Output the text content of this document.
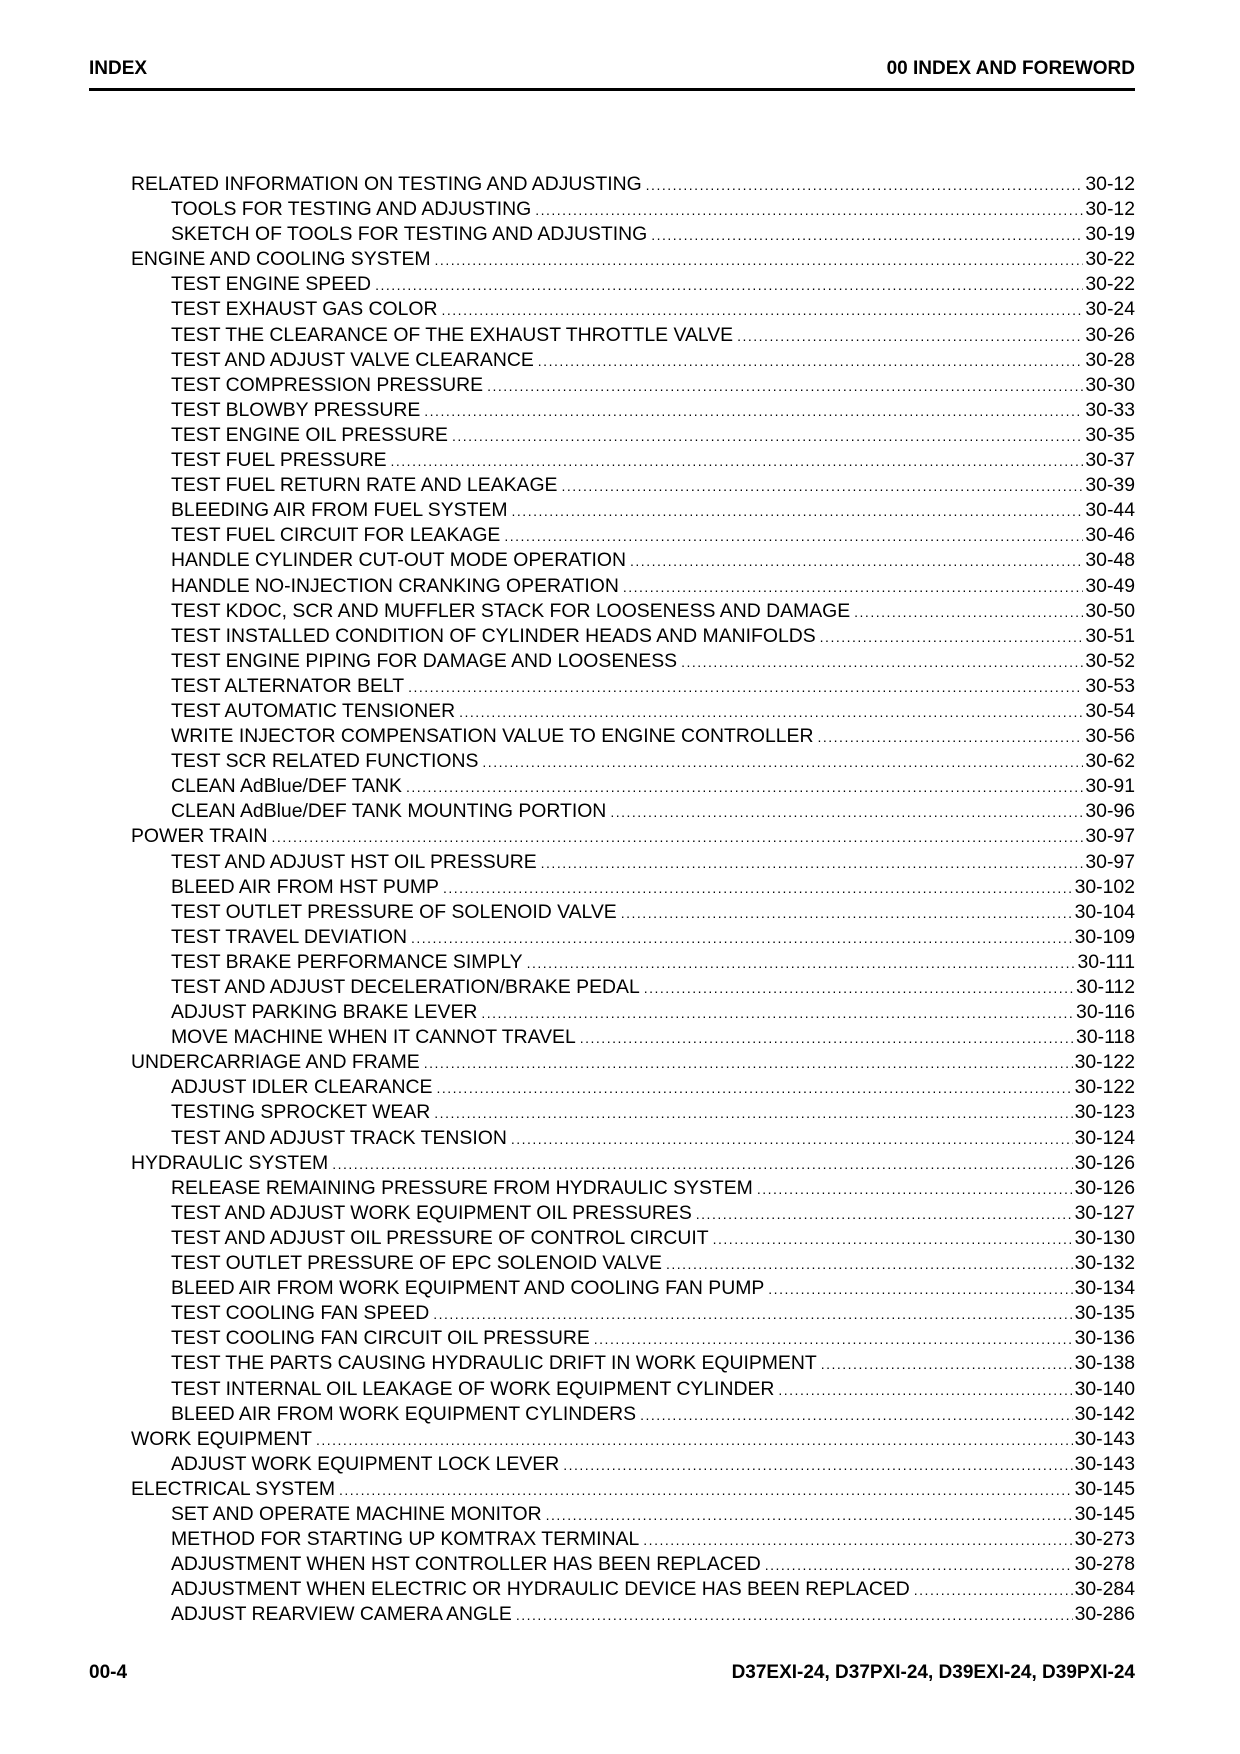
INDEX	00 INDEX AND FOREWORD
RELATED INFORMATION ON TESTING AND ADJUSTING .....	30-12
TOOLS FOR TESTING AND ADJUSTING .....	30-12
SKETCH OF TOOLS FOR TESTING AND ADJUSTING .....	30-19
ENGINE AND COOLING SYSTEM .....	30-22
TEST ENGINE SPEED .....	30-22
TEST EXHAUST GAS COLOR .....	30-24
TEST THE CLEARANCE OF THE EXHAUST THROTTLE VALVE .....	30-26
TEST AND ADJUST VALVE CLEARANCE .....	30-28
TEST COMPRESSION PRESSURE .....	30-30
TEST BLOWBY PRESSURE .....	30-33
TEST ENGINE OIL PRESSURE .....	30-35
TEST FUEL PRESSURE .....	30-37
TEST FUEL RETURN RATE AND LEAKAGE .....	30-39
BLEEDING AIR FROM FUEL SYSTEM .....	30-44
TEST FUEL CIRCUIT FOR LEAKAGE .....	30-46
HANDLE CYLINDER CUT-OUT MODE OPERATION .....	30-48
HANDLE NO-INJECTION CRANKING OPERATION .....	30-49
TEST KDOC, SCR AND MUFFLER STACK FOR LOOSENESS AND DAMAGE .....	30-50
TEST INSTALLED CONDITION OF CYLINDER HEADS AND MANIFOLDS .....	30-51
TEST ENGINE PIPING FOR DAMAGE AND LOOSENESS .....	30-52
TEST ALTERNATOR BELT .....	30-53
TEST AUTOMATIC TENSIONER .....	30-54
WRITE INJECTOR COMPENSATION VALUE TO ENGINE CONTROLLER .....	30-56
TEST SCR RELATED FUNCTIONS .....	30-62
CLEAN AdBlue/DEF TANK .....	30-91
CLEAN AdBlue/DEF TANK MOUNTING PORTION .....	30-96
POWER TRAIN .....	30-97
TEST AND ADJUST HST OIL PRESSURE .....	30-97
BLEED AIR FROM HST PUMP .....	30-102
TEST OUTLET PRESSURE OF SOLENOID VALVE .....	30-104
TEST TRAVEL DEVIATION .....	30-109
TEST BRAKE PERFORMANCE SIMPLY .....	30-111
TEST AND ADJUST DECELERATION/BRAKE PEDAL .....	30-112
ADJUST PARKING BRAKE LEVER .....	30-116
MOVE MACHINE WHEN IT CANNOT TRAVEL .....	30-118
UNDERCARRIAGE AND FRAME .....	30-122
ADJUST IDLER CLEARANCE .....	30-122
TESTING SPROCKET WEAR .....	30-123
TEST AND ADJUST TRACK TENSION .....	30-124
HYDRAULIC SYSTEM .....	30-126
RELEASE REMAINING PRESSURE FROM HYDRAULIC SYSTEM .....	30-126
TEST AND ADJUST WORK EQUIPMENT OIL PRESSURES .....	30-127
TEST AND ADJUST OIL PRESSURE OF CONTROL CIRCUIT .....	30-130
TEST OUTLET PRESSURE OF EPC SOLENOID VALVE .....	30-132
BLEED AIR FROM WORK EQUIPMENT AND COOLING FAN PUMP .....	30-134
TEST COOLING FAN SPEED .....	30-135
TEST COOLING FAN CIRCUIT OIL PRESSURE .....	30-136
TEST THE PARTS CAUSING HYDRAULIC DRIFT IN WORK EQUIPMENT .....	30-138
TEST INTERNAL OIL LEAKAGE OF WORK EQUIPMENT CYLINDER .....	30-140
BLEED AIR FROM WORK EQUIPMENT CYLINDERS .....	30-142
WORK EQUIPMENT .....	30-143
ADJUST WORK EQUIPMENT LOCK LEVER .....	30-143
ELECTRICAL SYSTEM .....	30-145
SET AND OPERATE MACHINE MONITOR .....	30-145
METHOD FOR STARTING UP KOMTRAX TERMINAL .....	30-273
ADJUSTMENT WHEN HST CONTROLLER HAS BEEN REPLACED .....	30-278
ADJUSTMENT WHEN ELECTRIC OR HYDRAULIC DEVICE HAS BEEN REPLACED .....	30-284
ADJUST REARVIEW CAMERA ANGLE .....	30-286
00-4	D37EXI-24, D37PXI-24, D39EXI-24, D39PXI-24
